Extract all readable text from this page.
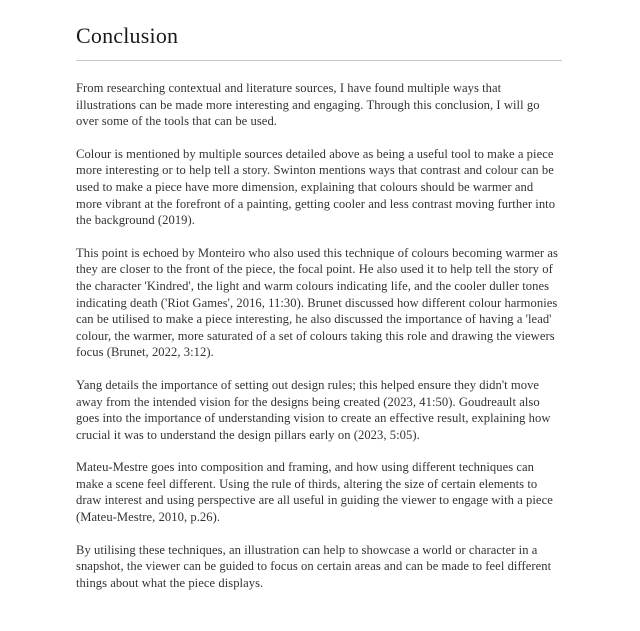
Conclusion

From researching contextual and literature sources, I have found multiple ways that illustrations can be made more interesting and engaging. Through this conclusion, I will go over some of the tools that can be used.

Colour is mentioned by multiple sources detailed above as being a useful tool to make a piece more interesting or to help tell a story. Swinton mentions ways that contrast and colour can be used to make a piece have more dimension, explaining that colours should be warmer and more vibrant at the forefront of a painting, getting cooler and less contrast moving further into the background (2019).

This point is echoed by Monteiro who also used this technique of colours becoming warmer as they are closer to the front of the piece, the focal point. He also used it to help tell the story of the character 'Kindred', the light and warm colours indicating life, and the cooler duller tones indicating death ('Riot Games', 2016, 11:30). Brunet discussed how different colour harmonies can be utilised to make a piece interesting, he also discussed the importance of having a 'lead' colour, the warmer, more saturated of a set of colours taking this role and drawing the viewers focus (Brunet, 2022, 3:12).

Yang details the importance of setting out design rules; this helped ensure they didn't move away from the intended vision for the designs being created (2023, 41:50). Goudreault also goes into the importance of understanding vision to create an effective result, explaining how crucial it was to understand the design pillars early on (2023, 5:05).

Mateu-Mestre goes into composition and framing, and how using different techniques can make a scene feel different. Using the rule of thirds, altering the size of certain elements to draw interest and using perspective are all useful in guiding the viewer to engage with a piece (Mateu-Mestre, 2010, p.26).

By utilising these techniques, an illustration can help to showcase a world or character in a snapshot, the viewer can be guided to focus on certain areas and can be made to feel different things about what the piece displays.
